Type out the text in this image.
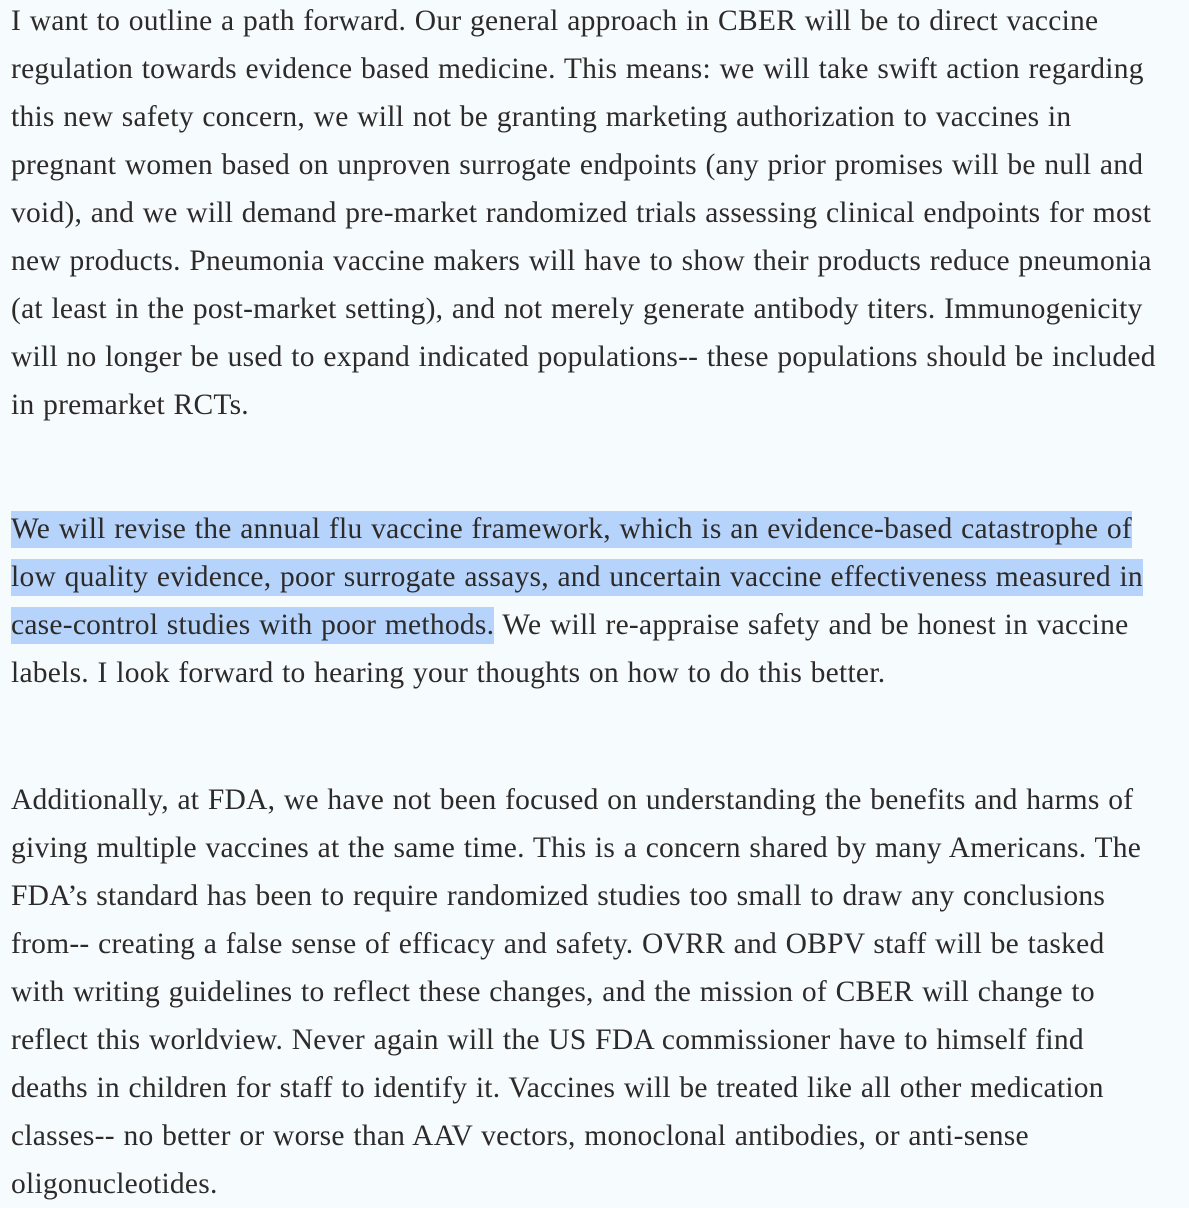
I want to outline a path forward. Our general approach in CBER will be to direct vaccine regulation towards evidence based medicine. This means: we will take swift action regarding this new safety concern, we will not be granting marketing authorization to vaccines in pregnant women based on unproven surrogate endpoints (any prior promises will be null and void), and we will demand pre-market randomized trials assessing clinical endpoints for most new products. Pneumonia vaccine makers will have to show their products reduce pneumonia (at least in the post-market setting), and not merely generate antibody titers. Immunogenicity will no longer be used to expand indicated populations-- these populations should be included in premarket RCTs.

We will revise the annual flu vaccine framework, which is an evidence-based catastrophe of low quality evidence, poor surrogate assays, and uncertain vaccine effectiveness measured in case-control studies with poor methods. We will re-appraise safety and be honest in vaccine labels. I look forward to hearing your thoughts on how to do this better.

Additionally, at FDA, we have not been focused on understanding the benefits and harms of giving multiple vaccines at the same time. This is a concern shared by many Americans. The FDA’s standard has been to require randomized studies too small to draw any conclusions from-- creating a false sense of efficacy and safety. OVRR and OBPV staff will be tasked with writing guidelines to reflect these changes, and the mission of CBER will change to reflect this worldview. Never again will the US FDA commissioner have to himself find deaths in children for staff to identify it. Vaccines will be treated like all other medication classes-- no better or worse than AAV vectors, monoclonal antibodies, or anti-sense oligonucleotides.
